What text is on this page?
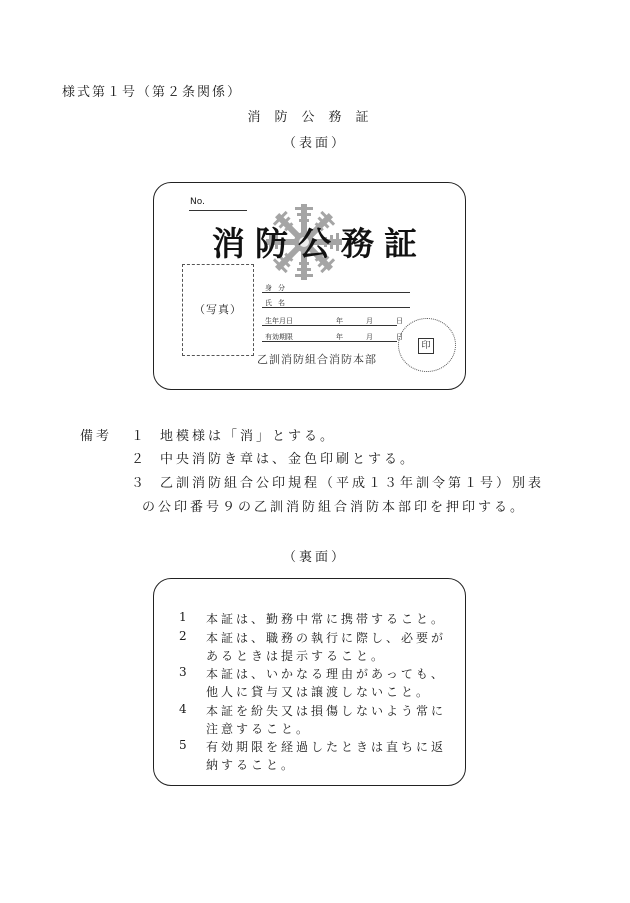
様式第１号（第２条関係）
消防公務証
（表面）
No.
消防公務証
（写真）
身分
氏名
生年月日	年　月　日
有効期限	年　月　日
乙訓消防組合消防本部
印
備考 １ 地模様は「消」とする。
２ 中央消防き章は、金色印刷とする。
３ 乙訓消防組合公印規程（平成１３年訓令第１号）別表
の公印番号９の乙訓消防組合消防本部印を押印する。
（裏面）
1 本証は、勤務中常に携帯すること。
2 本証は、職務の執行に際し、必要が
あるときは提示すること。
3 本証は、いかなる理由があっても、
他人に貸与又は譲渡しないこと。
4 本証を紛失又は損傷しないよう常に
注意すること。
5 有効期限を経過したときは直ちに返
納すること。
